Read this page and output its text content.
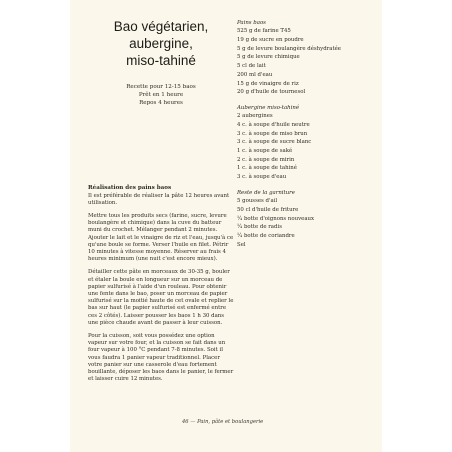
Bao végétarien,
aubergine,
miso-tahiné
Recette pour 12-15 baos
Prêt en 1 heure
Repos 4 heures
Réalisation des pains baos

Il est préférable de réaliser la pâte 12 heures avant utilisation.

Mettre tous les produits secs (farine, sucre, levure boulangère et chimique) dans la cuve du batteur muni du crochet. Mélanger pendant 2 minutes. Ajouter le lait et le vinaigre de riz et l'eau, jusqu'à ce qu'une boule se forme. Verser l'huile en filet. Pétrir 10 minutes à vitesse moyenne. Réserver au frais 4 heures minimum (une nuit c'est encore mieux).

Détailler cette pâte en morceaux de 30-35 g, bouler et étaler la boule en longueur sur un morceau de papier sulfurisé à l'aide d'un rouleau. Pour obtenir une fente dans le bao, poser un morceau de papier sulfurisé sur la moitié haute de cet ovale et replier le bas sur haut (le papier sulfurisé est enfermé entre ces 2 côtés). Laisser pousser les baos 1 h 30 dans une pièce chaude avant de passer à leur cuisson.

Pour la cuisson, soit vous possédez une option vapeur sur votre four, et la cuisson se fait dans un four vapeur à 100 °C pendant 7-8 minutes. Soit il vous faudra 1 panier vapeur traditionnel. Placer votre panier sur une casserole d'eau fortement bouillante, déposer les baos dans le panier, le fermer et laisser cuire 12 minutes.

Pains baos
525 g de farine T45
19 g de sucre en poudre
5 g de levure boulangère déshydratée
5 g de levure chimique
5 cl de lait
200 ml d'eau
15 g de vinaigre de riz
20 g d'huile de tournesol
Aubergine miso-tahiné
2 aubergines
4 c. à soupe d'huile neutre
3 c. à soupe de miso brun
3 c. à soupe de sucre blanc
1 c. à soupe de saké
2 c. à soupe de mirin
1 c. à soupe de tahiné
3 c. à soupe d'eau
Reste de la garniture
5 gousses d'ail
50 cl d'huile de friture
¼ botte d'oignons nouveaux
¼ botte de radis
¼ botte de coriandre
Sel
46 — Pain, pâte et boulangerie
